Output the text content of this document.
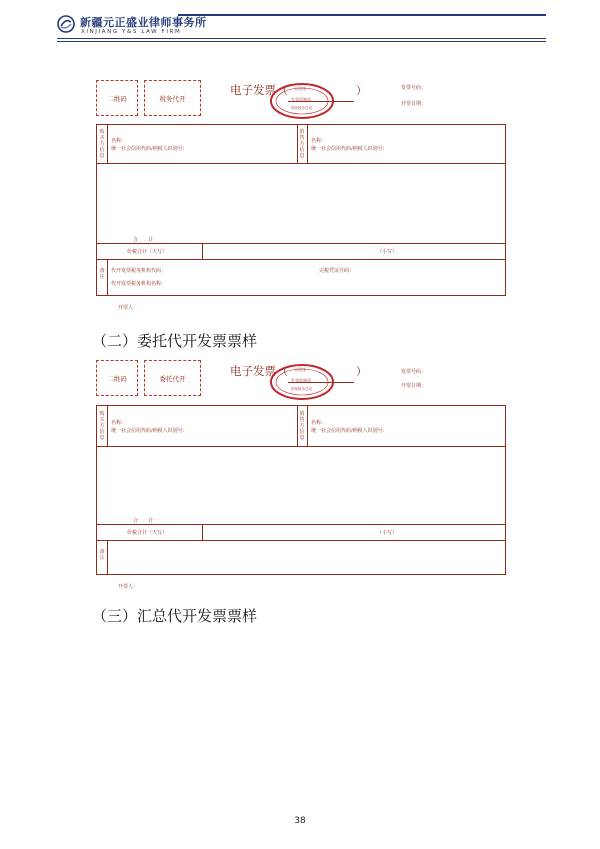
新疆元正盛业律师事务所
XINJIANG Y&S LAW FIRM
二维码	税务代开
电子发票 （	）
全国统一
发票监制章
国家税务总局
发票号码：
开票日期：
购买方信息
名称：
统一社会信用代码/纳税人识别号：
销售方信息
名称：
统一社会信用代码/纳税人识别号：
合　　计
价税合计（大写）	（小写）
备注
代开发票税务机构代码：
代开发票税务机构名称：
完税凭证号码：
开票人：
（二）委托代开发票票样
二维码	委托代开
电子发票 （	）
全国统一
发票监制章
国家税务总局
发票号码：
开票日期：
购买方信息
名称：
统一社会信用代码/纳税人识别号：
销售方信息
名称：
统一社会信用代码/纳税人识别号：
合　　计
价税合计（大写）	（小写）
备注
开票人：
（三）汇总代开发票票样
38
